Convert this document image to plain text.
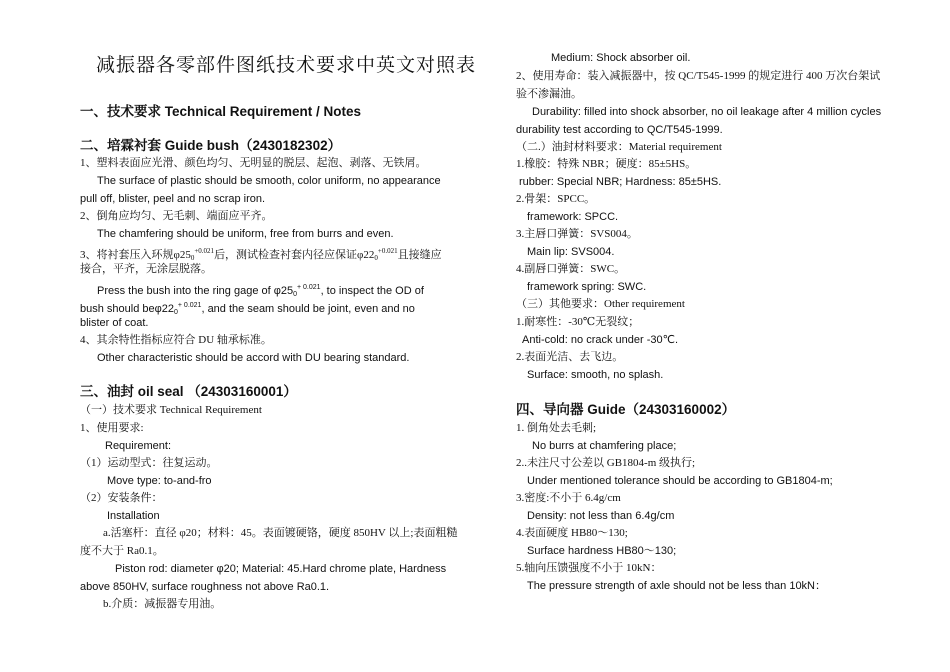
减振器各零部件图纸技术要求中英文对照表
一、技术要求 Technical Requirement / Notes
二、培霖衬套 Guide bush（2430182302）
1、塑料表面应光滑、颜色均匀、无明显的脱层、起泡、剥落、无铁屑。
The surface of plastic should be smooth, color uniform, no appearance
pull off, blister, peel and no scrap iron.
2、倒角应均匀、无毛刺、端面应平齐。
The chamfering should be uniform, free from burrs and even.
3、将衬套压入环规$\varphi 25_0^{+0.021}$后，测试检查衬套内径应保证$\varphi 22_0^{+0.021}$且接缝应
接合，平齐，无涂层脱落。
Press the bush into the ring gage of $\varphi 25_0^{+ 0.021}$, to inspect the OD of
bush should $be\varphi 22_0^{+ 0.021}$, and the seam should be joint, even and no
blister of coat.
4、其余特性指标应符合 DU 轴承标准。
Other characteristic should be accord with DU bearing standard.
三、油封 oil seal （24303160001）
（一）技术要求 Technical Requirement
1、使用要求:
Requirement:
（1）运动型式：往复运动。
Move type: to-and-fro
（2）安装条件：
Installation
a.活塞杆：直径 φ20；材料：45。表面镀硬铬，硬度 850HV 以上;表面粗糙
度不大于 Ra0.1。
Piston rod: diameter φ20; Material: 45.Hard chrome plate, Hardness
above 850HV, surface roughness not above Ra0.1.
b.介质：减振器专用油。
Medium: Shock absorber oil.
2、使用寿命：装入减振器中，按 QC/T545-1999 的规定进行 400 万次台架试
验不渗漏油。
Durability: filled into shock absorber, no oil leakage after 4 million cycles
durability test according to QC/T545-1999.
（二.）油封材料要求：Material requirement
1.橡胶：特殊 NBR；硬度：85±5HS。
rubber: Special NBR; Hardness: 85±5HS.
2.骨架：SPCC。
framework: SPCC.
3.主唇口弹簧：SVS004。
Main lip: SVS004.
4.副唇口弹簧：SWC。
framework spring: SWC.
（三）其他要求：Other requirement
1.耐寒性：-30℃无裂纹；
Anti-cold: no crack under -30℃.
2.表面光洁、去飞边。
Surface: smooth, no splash.
四、导向器 Guide（24303160002）
1. 倒角处去毛刺;
No burrs at chamfering place;
2..未注尺寸公差以 GB1804-m 级执行;
Under mentioned tolerance should be according to GB1804-m;
3.密度:不小于 6.4g/cm
Density: not less than 6.4g/cm
4.表面硬度 HB80～130;
Surface hardness HB80～130;
5.轴向压馈强度不小于 10kN：
The pressure strength of axle should not be less than 10kN：
